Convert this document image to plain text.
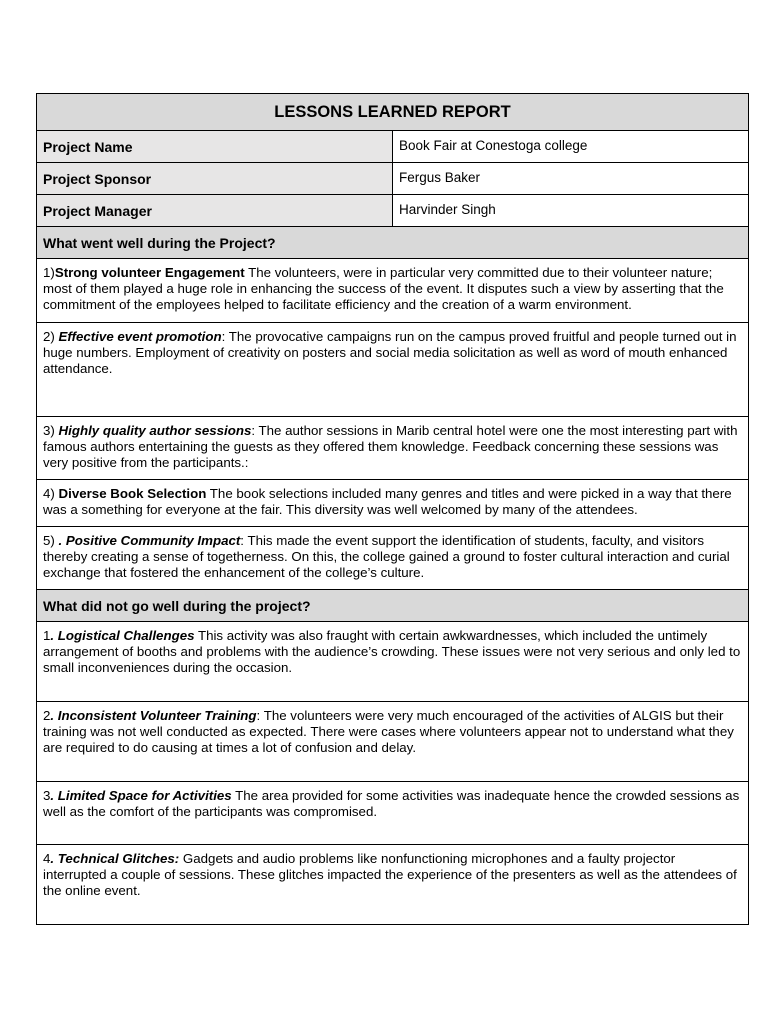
LESSONS LEARNED REPORT	
Project Name	Book Fair at Conestoga college
Project Sponsor	Fergus Baker
Project Manager	Harvinder Singh
What went well during the Project?	
1)Strong volunteer Engagement The volunteers, were in particular very committed due to their volunteer nature; most of them played a huge role in enhancing the success of the event. It disputes such a view by asserting that the commitment of the employees helped to facilitate efficiency and the creation of a warm environment.	
2) Effective event promotion: The provocative campaigns run on the campus proved fruitful and people turned out in huge numbers. Employment of creativity on posters and social media solicitation as well as word of mouth enhanced attendance.	
3) Highly quality author sessions: The author sessions in Marib central hotel were one the most interesting part with famous authors entertaining the guests as they offered them knowledge. Feedback concerning these sessions was very positive from the participants.:	
4) Diverse Book Selection The book selections included many genres and titles and were picked in a way that there was a something for everyone at the fair. This diversity was well welcomed by many of the attendees.	
5) . Positive Community Impact: This made the event support the identification of students, faculty, and visitors thereby creating a sense of togetherness. On this, the college gained a ground to foster cultural interaction and curial exchange that fostered the enhancement of the college’s culture.	
What did not go well during the project?	
1. Logistical Challenges This activity was also fraught with certain awkwardnesses, which included the untimely arrangement of booths and problems with the audience’s crowding. These issues were not very serious and only led to small inconveniences during the occasion.	
2. Inconsistent Volunteer Training: The volunteers were very much encouraged of the activities of ALGIS but their training was not well conducted as expected. There were cases where volunteers appear not to understand what they are required to do causing at times a lot of confusion and delay.	
3. Limited Space for Activities The area provided for some activities was inadequate hence the crowded sessions as well as the comfort of the participants was compromised.	
4. Technical Glitches: Gadgets and audio problems like nonfunctioning microphones and a faulty projector interrupted a couple of sessions. These glitches impacted the experience of the presenters as well as the attendees of the online event.	
